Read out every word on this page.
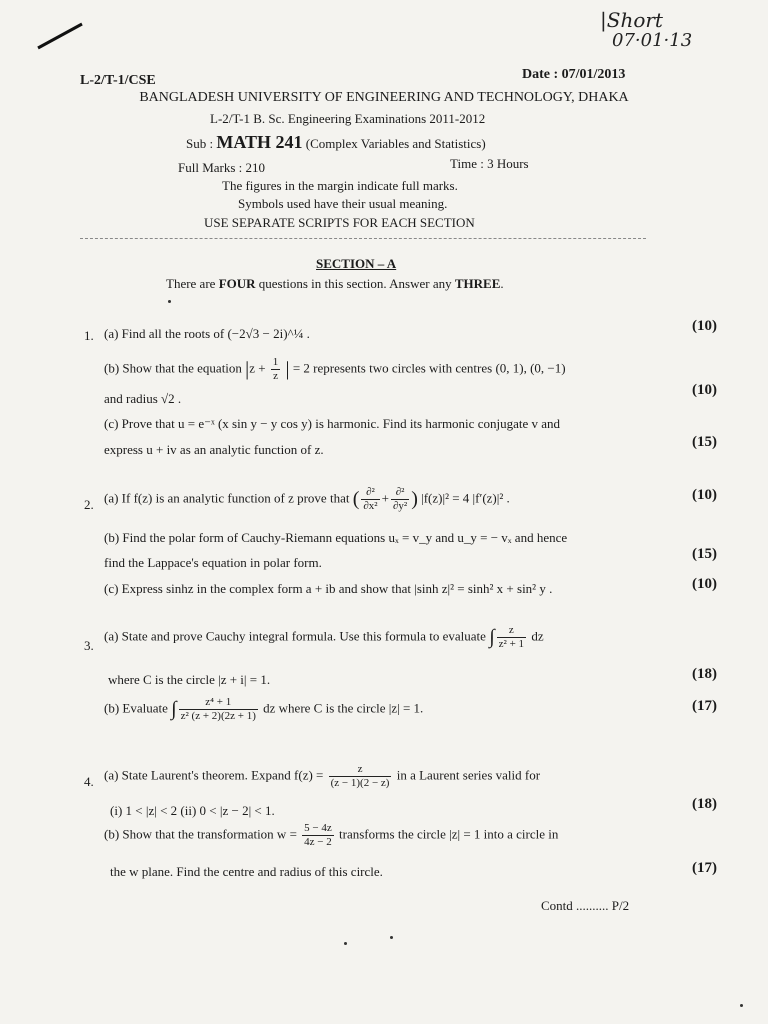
|Short
07·01·13
L-2/T-1/CSE	Date : 07/01/2013
BANGLADESH UNIVERSITY OF ENGINEERING AND TECHNOLOGY, DHAKA
L-2/T-1 B. Sc. Engineering Examinations 2011-2012
Sub : MATH 241 (Complex Variables and Statistics)
Full Marks : 210	Time : 3 Hours
The figures in the margin indicate full marks.
Symbols used have their usual meaning.
USE SEPARATE SCRIPTS FOR EACH SECTION
SECTION – A
There are FOUR questions in this section. Answer any THREE.
1. (a) Find all the roots of (−2√3 − 2i)^¼ .	(10)
(b) Show that the equation $|z + \frac{1}{z}$ | = 2 represents two circles with centres (0, 1), (0, −1)
and radius √2 .
(10)
(c) Prove that u = e⁻ˣ (x sin y − y cos y) is harmonic. Find its harmonic conjugate v and
express u + iv as an analytic function of z.	(15)
2. (a) If f(z) is an analytic function of z prove that ( $\frac{\text{∂²}}{\text{∂x²}} + \frac{\text{∂²}}{\text{∂y²}}$ ) |f(z)|² = 4 |f′(z)|² .	(10)
(b) Find the polar form of Cauchy-Riemann equations uₓ = v_y and u_y = − vₓ and hence
find the Lappace's equation in polar form.
(15)
(c) Express sinhz in the complex form a + ib and show that |sinh z|² = sinh² x + sin² y .	(10)
3.
(a) State and prove Cauchy integral formula. Use this formula to evaluate ∫ $\frac{z}{\text{z² + 1}}$ dz
where C is the circle |z + i| = 1.	(18)
(b) Evaluate ∫ $\frac{\text{z⁴ + 1}}{\text{z² (z + 2)(2z + 1)}}$ dz where C is the circle |z| = 1.	(17)
4. (a) State Laurent's theorem. Expand $f(z) = \frac{z}{(z - 1)(2 - z)}$ in a Laurent series valid for
(i) 1 < |z| < 2 (ii) 0 < |z − 2| < 1.	(18)
(b) Show that the transformation $w = \frac{5 - 4z}{4z - 2}$ transforms the circle |z| = 1 into a circle in
the w plane. Find the centre and radius of this circle.	(17)
Contd .......... P/2
